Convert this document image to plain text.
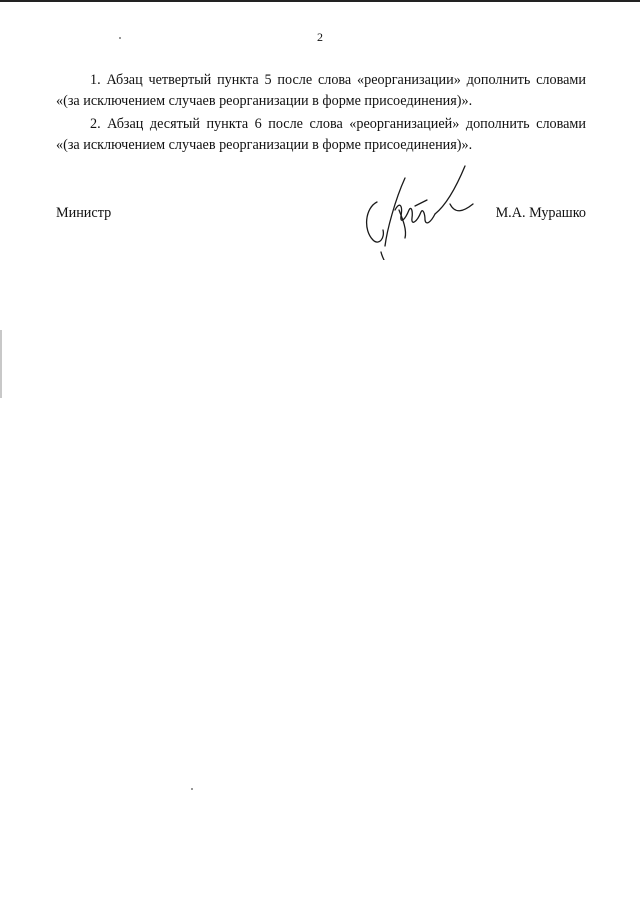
2

1. Абзац четвертый пункта 5 после слова «реорганизации» дополнить словами «(за исключением случаев реорганизации в форме присоединения)».

2. Абзац десятый пункта 6 после слова «реорганизацией» дополнить словами «(за исключением случаев реорганизации в форме присоединения)».

Министр	М.А. Мурашко
